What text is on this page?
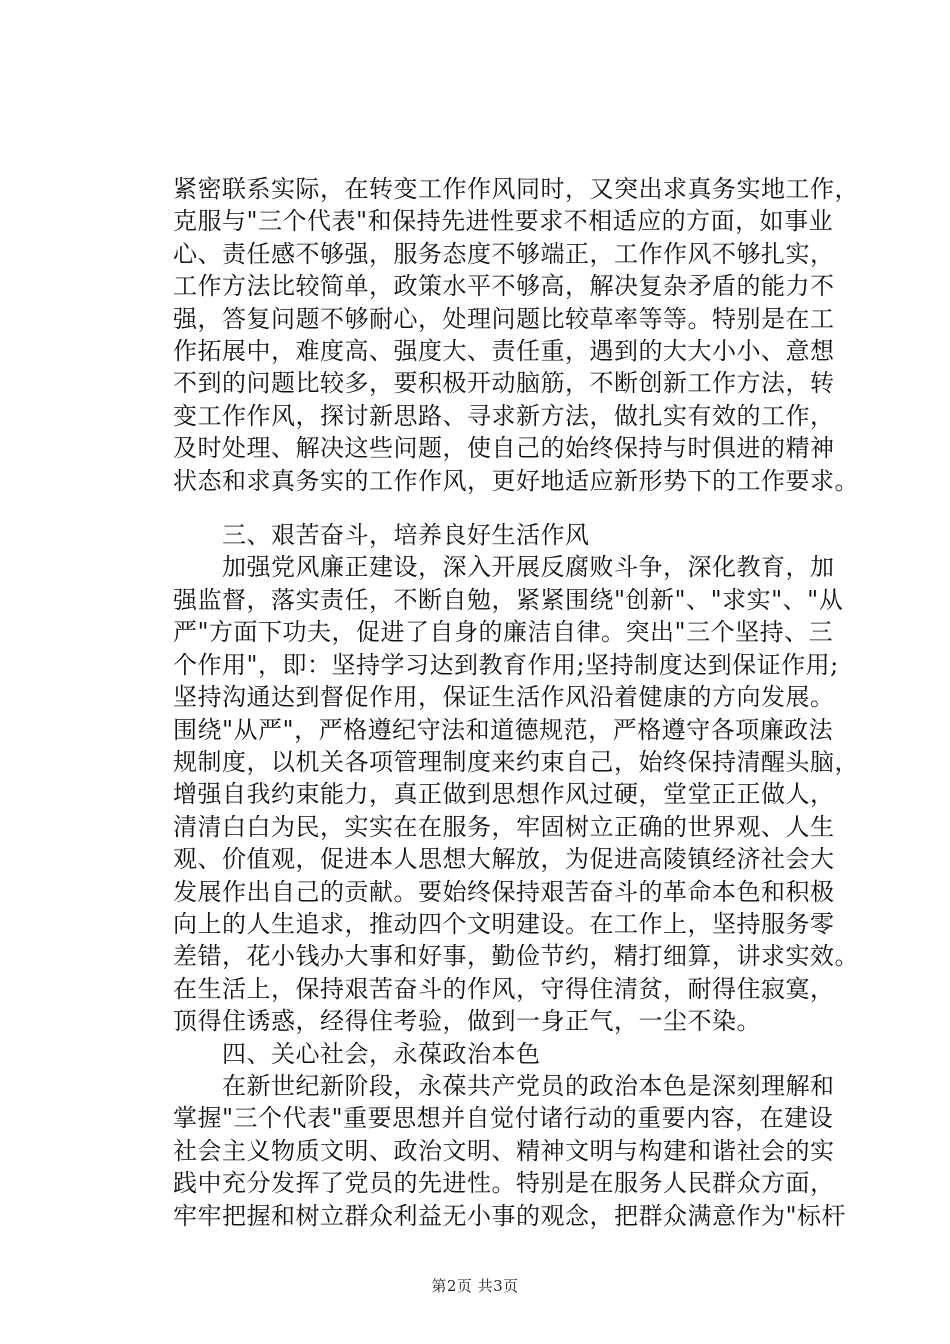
紧密联系实际，在转变工作作风同时，又突出求真务实地工作，
克服与"三个代表"和保持先进性要求不相适应的方面，如事业
心、责任感不够强，服务态度不够端正，工作作风不够扎实，
工作方法比较简单，政策水平不够高，解决复杂矛盾的能力不
强，答复问题不够耐心，处理问题比较草率等等。特别是在工
作拓展中，难度高、强度大、责任重，遇到的大大小小、意想
不到的问题比较多，要积极开动脑筋，不断创新工作方法，转
变工作作风，探讨新思路、寻求新方法，做扎实有效的工作，
及时处理、解决这些问题，使自己的始终保持与时俱进的精神
状态和求真务实的工作作风，更好地适应新形势下的工作要求。
　　三、艰苦奋斗，培养良好生活作风
　　加强党风廉正建设，深入开展反腐败斗争，深化教育，加
强监督，落实责任，不断自勉，紧紧围绕"创新"、"求实"、"从
严"方面下功夫，促进了自身的廉洁自律。突出"三个坚持、三
个作用"，即：坚持学习达到教育作用;坚持制度达到保证作用;
坚持沟通达到督促作用，保证生活作风沿着健康的方向发展。
围绕"从严"，严格遵纪守法和道德规范，严格遵守各项廉政法
规制度，以机关各项管理制度来约束自己，始终保持清醒头脑，
增强自我约束能力，真正做到思想作风过硬，堂堂正正做人，
清清白白为民，实实在在服务，牢固树立正确的世界观、人生
观、价值观，促进本人思想大解放，为促进高陵镇经济社会大
发展作出自己的贡献。要始终保持艰苦奋斗的革命本色和积极
向上的人生追求，推动四个文明建设。在工作上，坚持服务零
差错，花小钱办大事和好事，勤俭节约，精打细算，讲求实效。
在生活上，保持艰苦奋斗的作风，守得住清贫，耐得住寂寞，
顶得住诱惑，经得住考验，做到一身正气，一尘不染。
　　四、关心社会，永葆政治本色
　　在新世纪新阶段，永葆共产党员的政治本色是深刻理解和
掌握"三个代表"重要思想并自觉付诸行动的重要内容，在建设
社会主义物质文明、政治文明、精神文明与构建和谐社会的实
践中充分发挥了党员的先进性。特别是在服务人民群众方面，
牢牢把握和树立群众利益无小事的观念，把群众满意作为"标杆
第2页 共3页
